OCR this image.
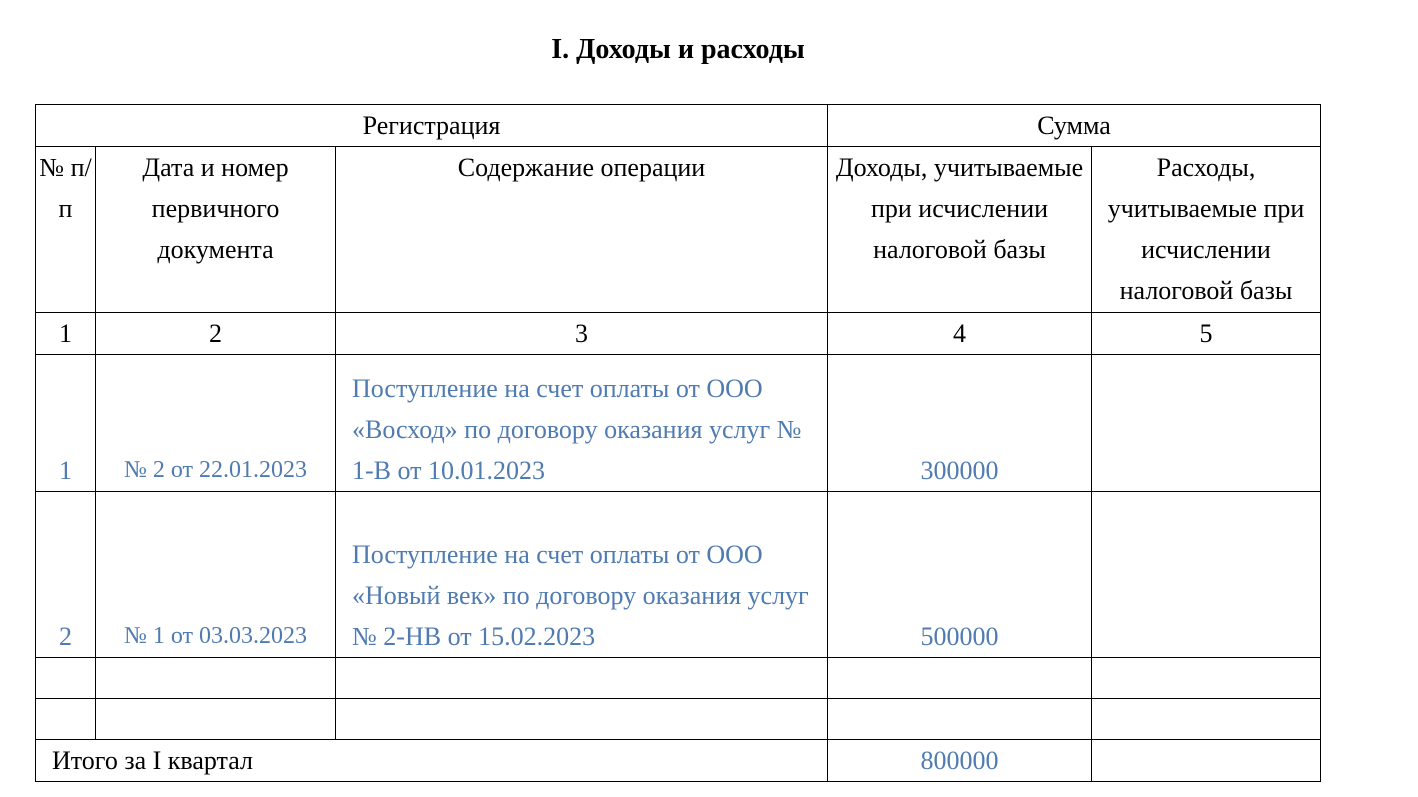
I. Доходы и расходы
Регистрация			Сумма	
№ п/п	Дата и номер первичного документа	Содержание операции	Доходы, учитываемые при исчислении налоговой базы	Расходы, учитываемые при исчислении налоговой базы
1	2	3	4	5
1	№ 2 от 22.01.2023	Поступление на счет оплаты от ООО «Восход» по договору оказания услуг № 1-В от 10.01.2023	300000	
2	№ 1 от 03.03.2023	Поступление на счет оплаты от ООО «Новый век» по договору оказания услуг № 2-НВ от 15.02.2023	500000	

Итого за I квартал			800000	
